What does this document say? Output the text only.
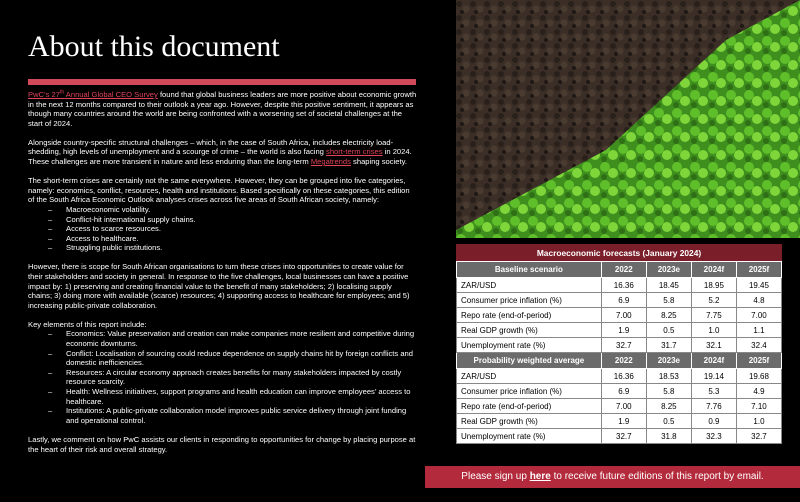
About this document

PwC’s 27th Annual Global CEO Survey found that global business leaders are more positive about economic growth in the next 12 months compared to their outlook a year ago. However, despite this positive sentiment, it appears as though many countries around the world are being confronted with a worsening set of societal challenges at the start of 2024.

Alongside country-specific structural challenges – which, in the case of South Africa, includes electricity load-shedding, high levels of unemployment and a scourge of crime – the world is also facing short-term crises in 2024. These challenges are more transient in nature and less enduring than the long-term Megatrends shaping society.

The short-term crises are certainly not the same everywhere. However, they can be grouped into five categories, namely: economics, conflict, resources, health and institutions. Based specifically on these categories, this edition of the South Africa Economic Outlook analyses crises across five areas of South African society, namely:

– Macroeconomic volatility.
– Conflict-hit international supply chains.
– Access to scarce resources.
– Access to healthcare.
– Struggling public institutions.

However, there is scope for South African organisations to turn these crises into opportunities to create value for their stakeholders and society in general. In response to the five challenges, local businesses can have a positive impact by: 1) preserving and creating financial value to the benefit of many stakeholders; 2) localising supply chains; 3) doing more with available (scarce) resources; 4) supporting access to healthcare for employees; and 5) increasing public-private collaboration.

Key elements of this report include:

– Economics: Value preservation and creation can make companies more resilient and competitive during economic downturns.
– Conflict: Localisation of sourcing could reduce dependence on supply chains hit by foreign conflicts and domestic inefficiencies.
– Resources: A circular economy approach creates benefits for many stakeholders impacted by costly resource scarcity.
– Health: Wellness initiatives, support programs and health education can improve employees’ access to healthcare.
– Institutions: A public-private collaboration model improves public service delivery through joint funding and operational control.

Lastly, we comment on how PwC assists our clients in responding to opportunities for change by placing purpose at the heart of their risk and overall strategy.

Macroeconomic forecasts (January 2024)				
Baseline scenario	2022	2023e	2024f	2025f
ZAR/USD	16.36	18.45	18.95	19.45
Consumer price inflation (%)	6.9	5.8	5.2	4.8
Repo rate (end-of-period)	7.00	8.25	7.75	7.00
Real GDP growth (%)	1.9	0.5	1.0	1.1
Unemployment rate (%)	32.7	31.7	32.1	32.4
Probability weighted average	2022	2023e	2024f	2025f
ZAR/USD	16.36	18.53	19.14	19.68
Consumer price inflation (%)	6.9	5.8	5.3	4.9
Repo rate (end-of-period)	7.00	8.25	7.76	7.10
Real GDP growth (%)	1.9	0.5	0.9	1.0
Unemployment rate (%)	32.7	31.8	32.3	32.7
Please sign up here to receive future editions of this report by email.
